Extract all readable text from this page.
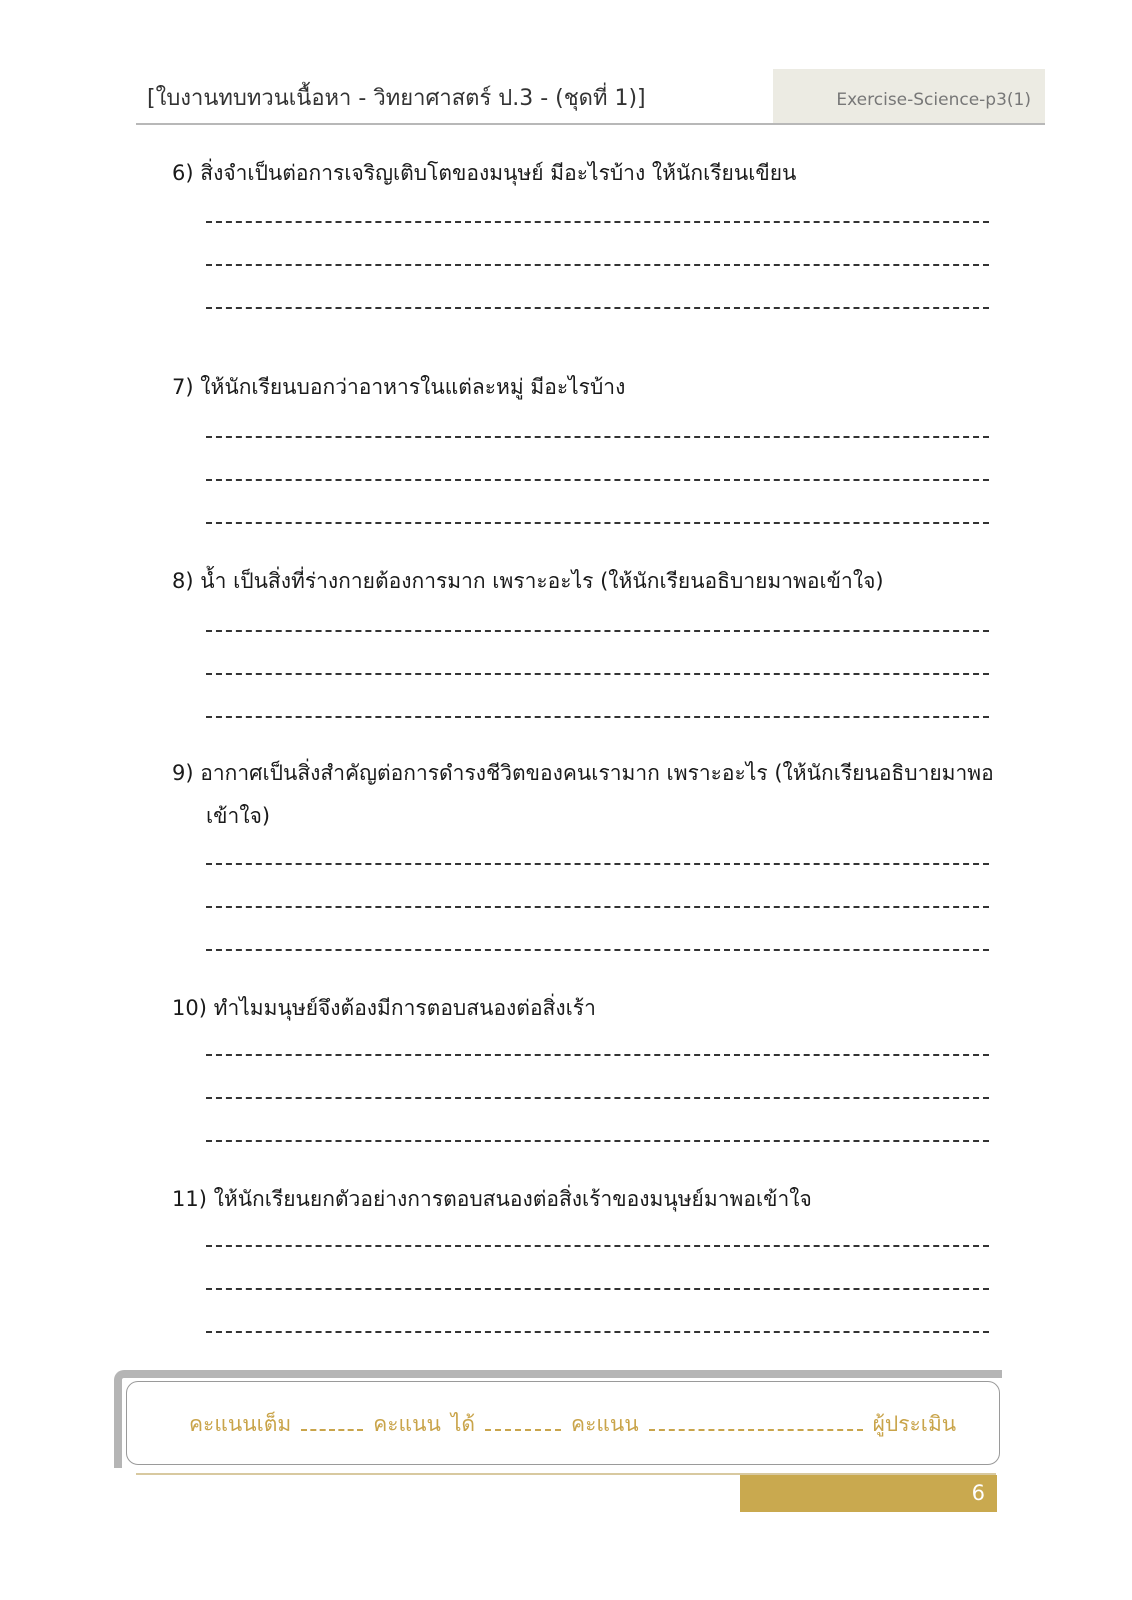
[ใบงานทบทวนเนื้อหา - วิทยาศาสตร์ ป.3 - (ชุดที่ 1)]	Exercise-Science-p3(1)
6) สิ่งจำเป็นต่อการเจริญเติบโตของมนุษย์ มีอะไรบ้าง ให้นักเรียนเขียน
7) ให้นักเรียนบอกว่าอาหารในแต่ละหมู่ มีอะไรบ้าง
8) น้ำ เป็นสิ่งที่ร่างกายต้องการมาก เพราะอะไร (ให้นักเรียนอธิบายมาพอเข้าใจ)
9) อากาศเป็นสิ่งสำคัญต่อการดำรงชีวิตของคนเรามาก เพราะอะไร (ให้นักเรียนอธิบายมาพอ
เข้าใจ)
10) ทำไมมนุษย์จึงต้องมีการตอบสนองต่อสิ่งเร้า
11) ให้นักเรียนยกตัวอย่างการตอบสนองต่อสิ่งเร้าของมนุษย์มาพอเข้าใจ
คะแนนเต็ม	คะแนน ได้	คะแนน	ผู้ประเมิน
6
